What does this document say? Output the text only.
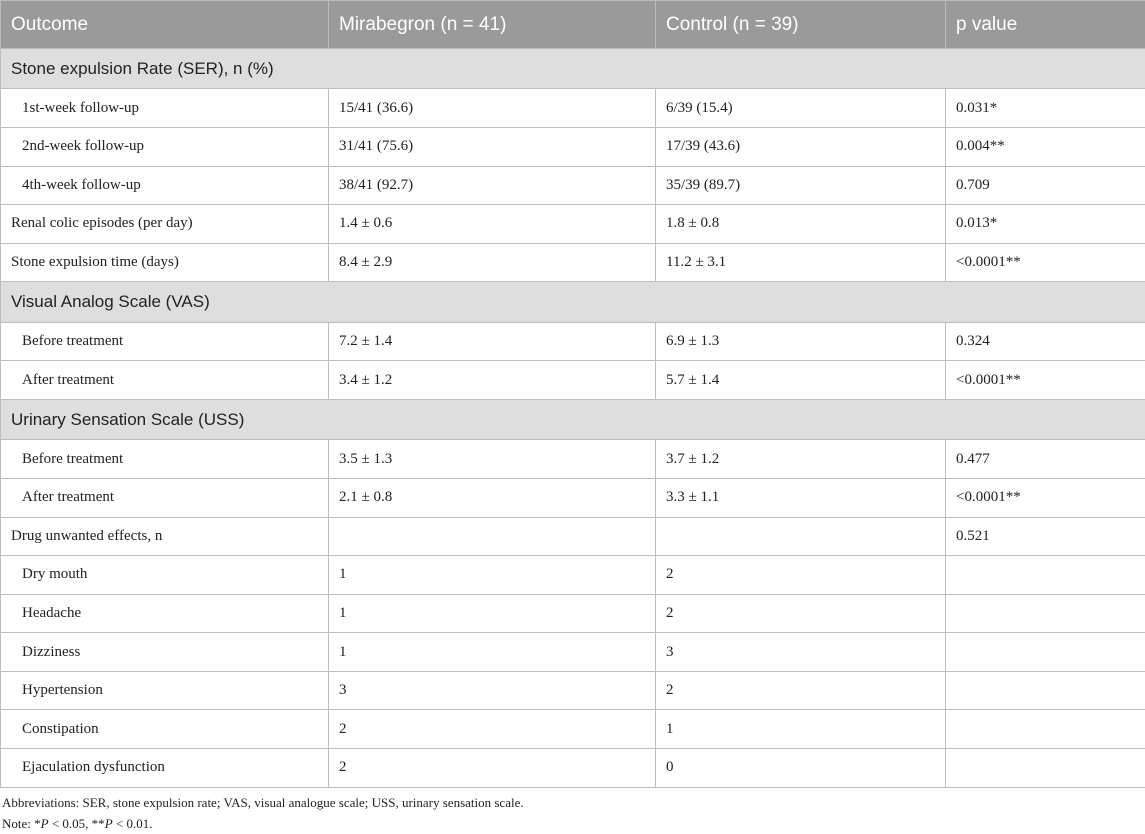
Outcome	Mirabegron (n = 41)	Control (n = 39)	p value
Stone expulsion Rate (SER), n (%)			
1st-week follow-up	15/41 (36.6)	6/39 (15.4)	0.031*
2nd-week follow-up	31/41 (75.6)	17/39 (43.6)	0.004**
4th-week follow-up	38/41 (92.7)	35/39 (89.7)	0.709
Renal colic episodes (per day)	1.4 ± 0.6	1.8 ± 0.8	0.013*
Stone expulsion time (days)	8.4 ± 2.9	11.2 ± 3.1	<0.0001**
Visual Analog Scale (VAS)			
Before treatment	7.2 ± 1.4	6.9 ± 1.3	0.324
After treatment	3.4 ± 1.2	5.7 ± 1.4	<0.0001**
Urinary Sensation Scale (USS)			
Before treatment	3.5 ± 1.3	3.7 ± 1.2	0.477
After treatment	2.1 ± 0.8	3.3 ± 1.1	<0.0001**
Drug unwanted effects, n			0.521
Dry mouth	1	2	
Headache	1	2	
Dizziness	1	3	
Hypertension	3	2	
Constipation	2	1	
Ejaculation dysfunction	2	0	
Abbreviations: SER, stone expulsion rate; VAS, visual analogue scale; USS, urinary sensation scale.
Note: *P < 0.05, **P < 0.01.
